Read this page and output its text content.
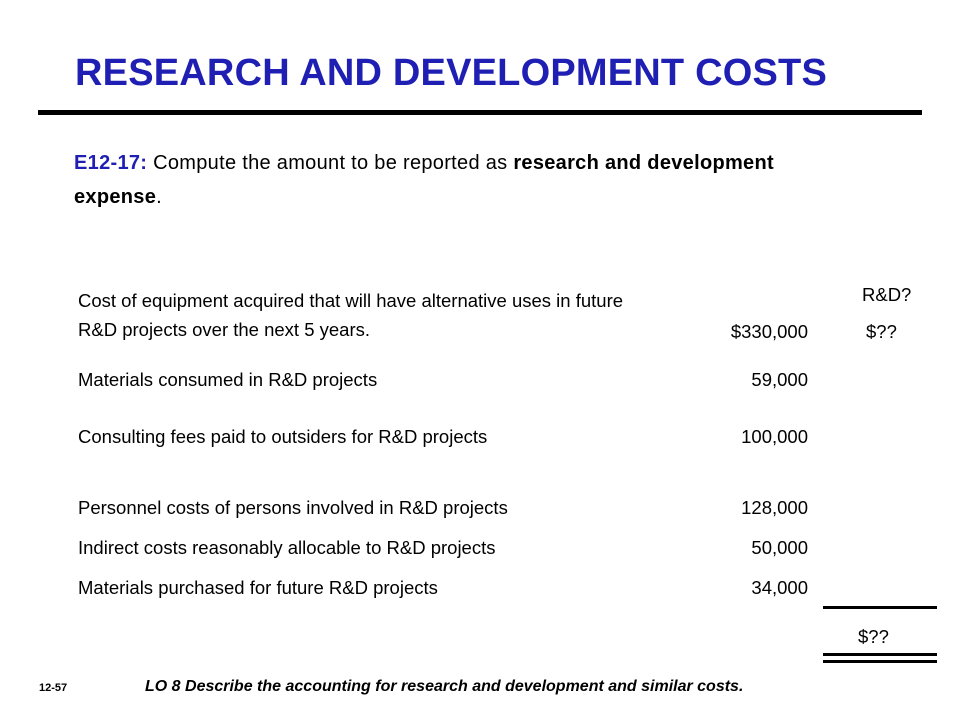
RESEARCH AND DEVELOPMENT COSTS
E12-17: Compute the amount to be reported as research and development expense.
R&D?
Cost of equipment acquired that will have alternative uses in future R&D projects over the next 5 years.	$330,000	$??
Materials consumed in R&D projects	59,000
Consulting fees paid to outsiders for R&D projects	100,000
Personnel costs of persons involved in R&D projects	128,000
Indirect costs reasonably allocable to R&D projects	50,000
Materials purchased for future R&D projects	34,000
$??
12-57	LO 8 Describe the accounting for research and development and similar costs.
